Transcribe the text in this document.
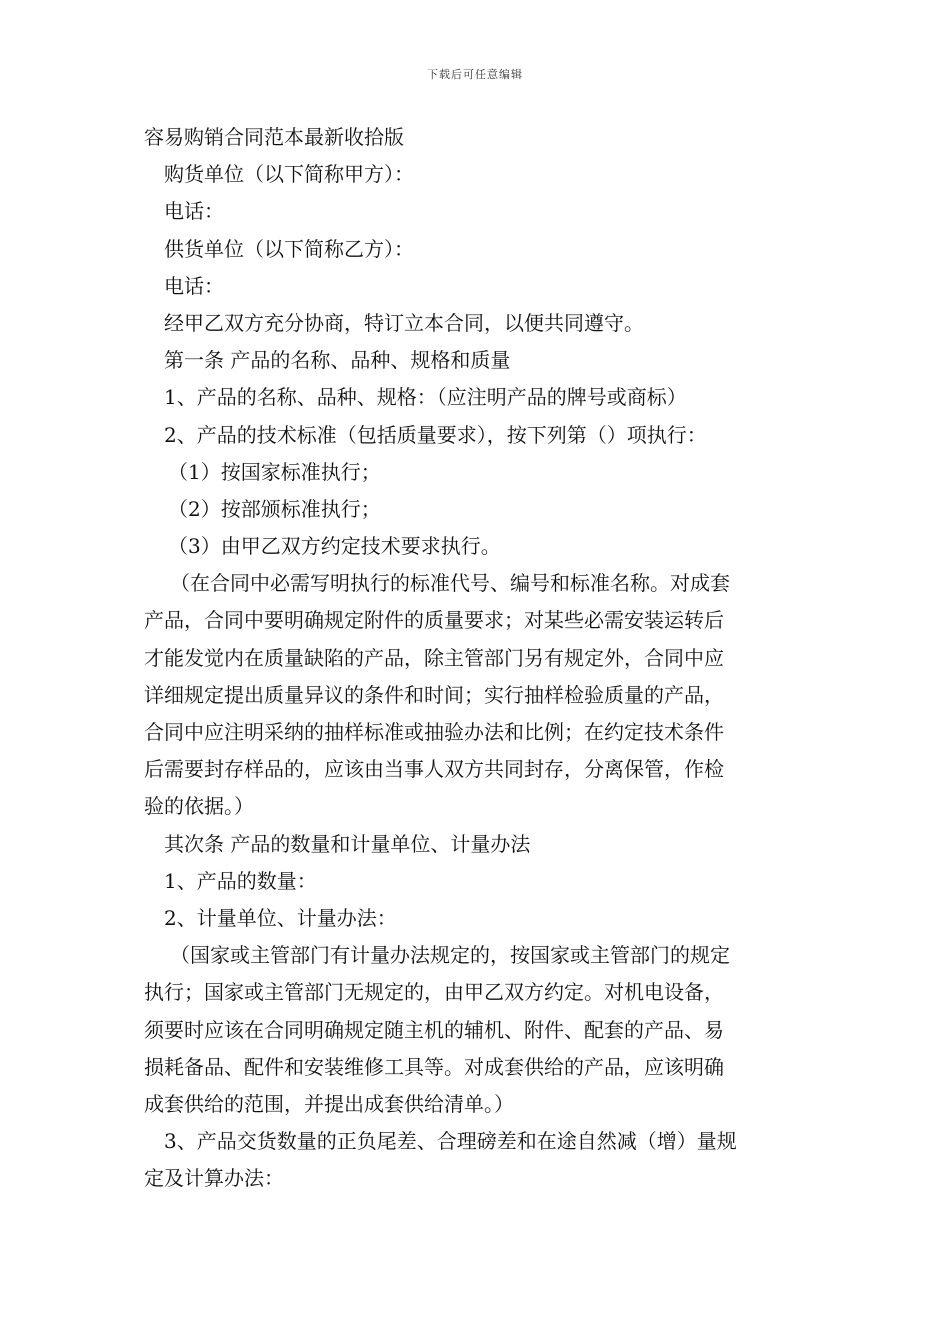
下载后可任意编辑
容易购销合同范本最新收拾版
购货单位（以下简称甲方）：
电话：
供货单位（以下简称乙方）：
电话：
经甲乙双方充分协商，特订立本合同，以便共同遵守。
第一条 产品的名称、品种、规格和质量
1、产品的名称、品种、规格：（应注明产品的牌号或商标）
2、产品的技术标准（包括质量要求），按下列第（）项执行：
（1）按国家标准执行；
（2）按部颁标准执行；
（3）由甲乙双方约定技术要求执行。
（在合同中必需写明执行的标准代号、编号和标准名称。对成套
产品，合同中要明确规定附件的质量要求；对某些必需安装运转后
才能发觉内在质量缺陷的产品，除主管部门另有规定外，合同中应
详细规定提出质量异议的条件和时间；实行抽样检验质量的产品，
合同中应注明采纳的抽样标准或抽验办法和比例；在约定技术条件
后需要封存样品的，应该由当事人双方共同封存，分离保管，作检
验的依据。）
其次条 产品的数量和计量单位、计量办法
1、产品的数量：
2、计量单位、计量办法：
（国家或主管部门有计量办法规定的，按国家或主管部门的规定
执行；国家或主管部门无规定的，由甲乙双方约定。对机电设备，
须要时应该在合同明确规定随主机的辅机、附件、配套的产品、易
损耗备品、配件和安装维修工具等。对成套供给的产品，应该明确
成套供给的范围，并提出成套供给清单。）
3、产品交货数量的正负尾差、合理磅差和在途自然减（增）量规
定及计算办法：
